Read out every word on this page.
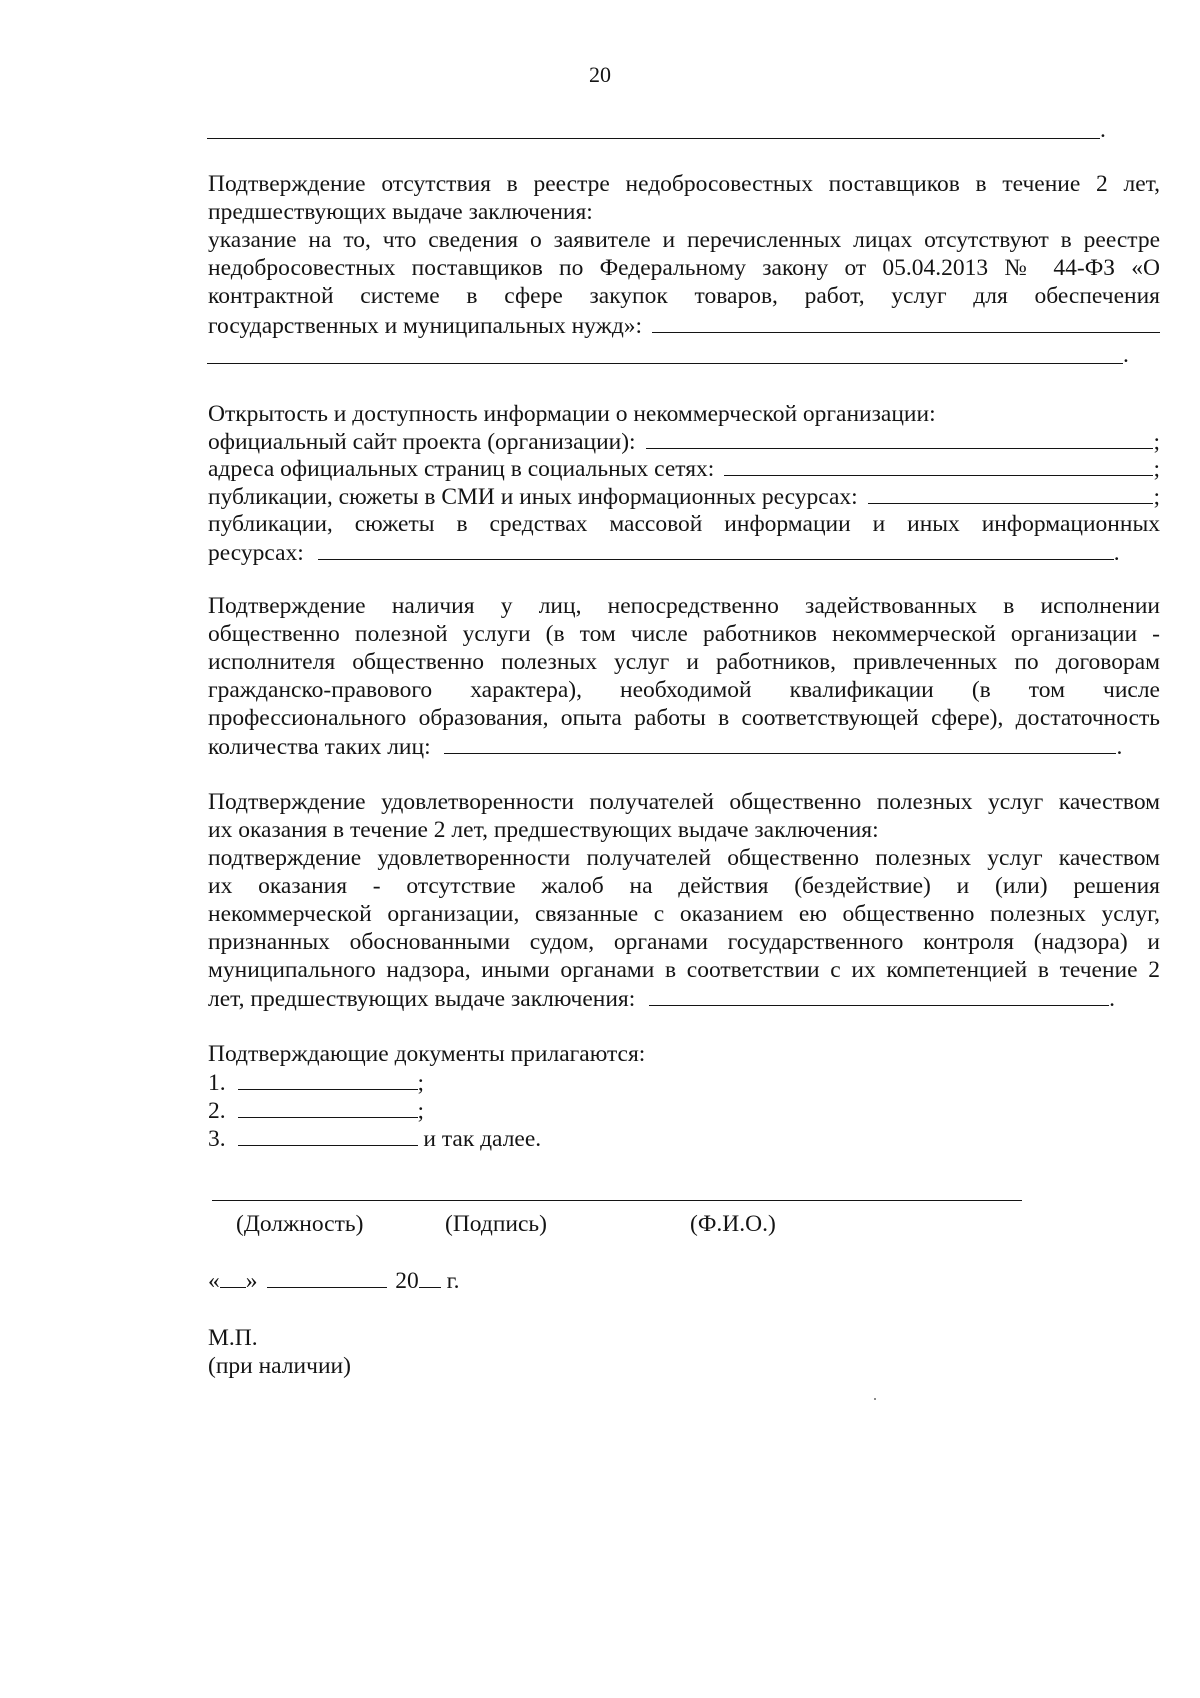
20
.
Подтверждение отсутствия в реестре недобросовестных поставщиков в течение 2 лет,
предшествующих выдаче заключения:
указание на то, что сведения о заявителе и перечисленных лицах отсутствуют в реестре
недобросовестных поставщиков по Федеральному закону от 05.04.2013 № 44-ФЗ «О
контрактной системе в сфере закупок товаров, работ, услуг для обеспечения
государственных и муниципальных нужд»:
.
Открытость и доступность информации о некоммерческой организации:
официальный сайт проекта (организации):	;
адреса официальных страниц в социальных сетях:	;
публикации, сюжеты в СМИ и иных информационных ресурсах:	;
публикации, сюжеты в средствах массовой информации и иных информационных
ресурсах:	.
Подтверждение наличия у лиц, непосредственно задействованных в исполнении
общественно полезной услуги (в том числе работников некоммерческой организации -
исполнителя общественно полезных услуг и работников, привлеченных по договорам
гражданско-правового характера), необходимой квалификации (в том числе
профессионального образования, опыта работы в соответствующей сфере), достаточность
количества таких лиц:	.
Подтверждение удовлетворенности получателей общественно полезных услуг качеством
их оказания в течение 2 лет, предшествующих выдаче заключения:
подтверждение удовлетворенности получателей общественно полезных услуг качеством
их оказания - отсутствие жалоб на действия (бездействие) и (или) решения
некоммерческой организации, связанные с оказанием ею общественно полезных услуг,
признанных обоснованными судом, органами государственного контроля (надзора) и
муниципального надзора, иными органами в соответствии с их компетенцией в течение 2
лет, предшествующих выдаче заключения:	.
Подтверждающие документы прилагаются:
1.	;
2.	;
3.	и так далее.
(Должность)	(Подпись)	(Ф.И.О.)
« »	20 г.
М.П.
(при наличии)
